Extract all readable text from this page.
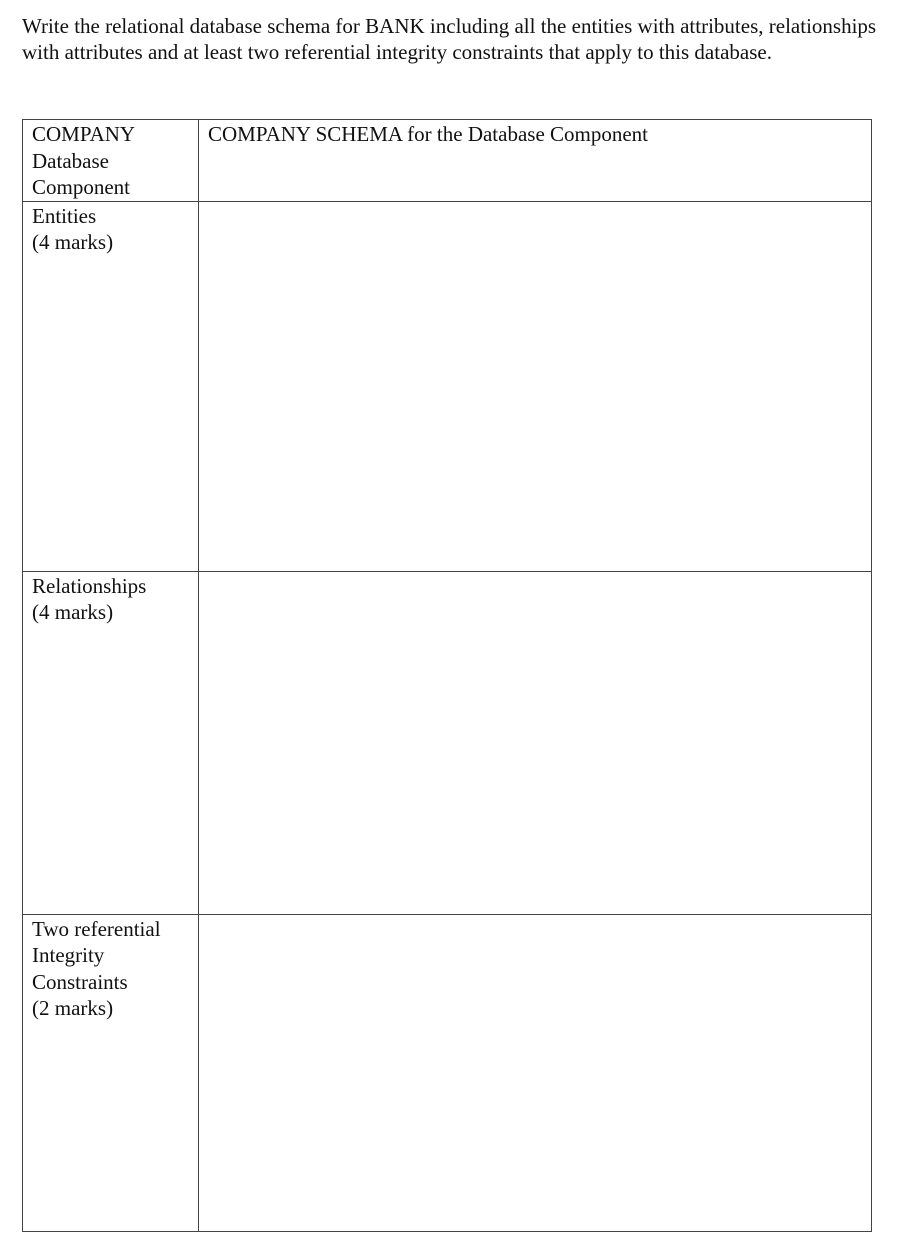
Write the relational database schema for BANK including all the entities with attributes, relationships with attributes and at least two referential integrity constraints that apply to this database.

COMPANY
Database
Component	COMPANY SCHEMA for the Database Component
Entities
(4 marks)	
Relationships
(4 marks)	
Two referential
Integrity
Constraints
(2 marks)	
